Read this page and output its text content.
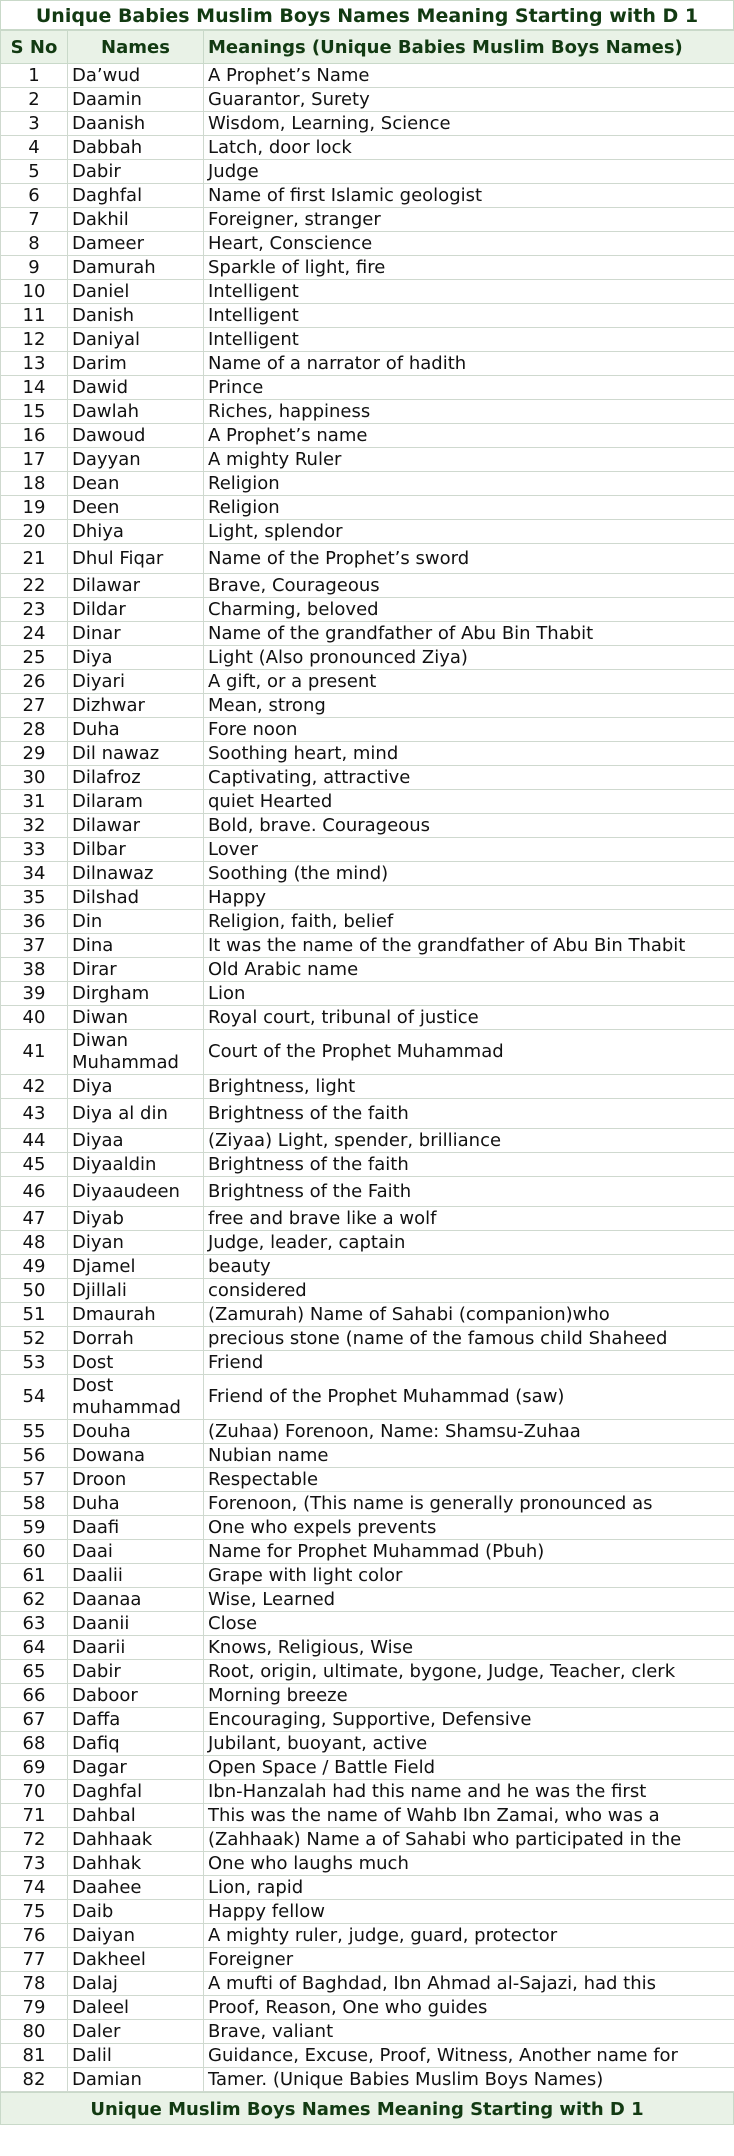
Unique Babies Muslim Boys Names Meaning Starting with D 1
S No	Names	Meanings (Unique Babies Muslim Boys Names)
1	Da’wud	A Prophet’s Name
2	Daamin	Guarantor, Surety
3	Daanish	Wisdom, Learning, Science
4	Dabbah	Latch, door lock
5	Dabir	Judge
6	Daghfal	Name of first Islamic geologist
7	Dakhil	Foreigner, stranger
8	Dameer	Heart, Conscience
9	Damurah	Sparkle of light, fire
10	Daniel	Intelligent
11	Danish	Intelligent
12	Daniyal	Intelligent
13	Darim	Name of a narrator of hadith
14	Dawid	Prince
15	Dawlah	Riches, happiness
16	Dawoud	A Prophet’s name
17	Dayyan	A mighty Ruler
18	Dean	Religion
19	Deen	Religion
20	Dhiya	Light, splendor
21	Dhul Fiqar	Name of the Prophet’s sword
22	Dilawar	Brave, Courageous
23	Dildar	Charming, beloved
24	Dinar	Name of the grandfather of Abu Bin Thabit
25	Diya	Light (Also pronounced Ziya)
26	Diyari	A gift, or a present
27	Dizhwar	Mean, strong
28	Duha	Fore noon
29	Dil nawaz	Soothing heart, mind
30	Dilafroz	Captivating, attractive
31	Dilaram	quiet Hearted
32	Dilawar	Bold, brave. Courageous
33	Dilbar	Lover
34	Dilnawaz	Soothing (the mind)
35	Dilshad	Happy
36	Din	Religion, faith, belief
37	Dina	It was the name of the grandfather of Abu Bin Thabit
38	Dirar	Old Arabic name
39	Dirgham	Lion
40	Diwan	Royal court, tribunal of justice
41	Diwan Muhammad	Court of the Prophet Muhammad
42	Diya	Brightness, light
43	Diya al din	Brightness of the faith
44	Diyaa	(Ziyaa) Light, spender, brilliance
45	Diyaaldin	Brightness of the faith
46	Diyaaudeen	Brightness of the Faith
47	Diyab	free and brave like a wolf
48	Diyan	Judge, leader, captain
49	Djamel	beauty
50	Djillali	considered
51	Dmaurah	(Zamurah) Name of Sahabi (companion)who
52	Dorrah	precious stone (name of the famous child Shaheed
53	Dost	Friend
54	Dost muhammad	Friend of the Prophet Muhammad (saw)
55	Douha	(Zuhaa) Forenoon, Name: Shamsu-Zuhaa
56	Dowana	Nubian name
57	Droon	Respectable
58	Duha	Forenoon, (This name is generally pronounced as
59	Daafi	One who expels prevents
60	Daai	Name for Prophet Muhammad (Pbuh)
61	Daalii	Grape with light color
62	Daanaa	Wise, Learned
63	Daanii	Close
64	Daarii	Knows, Religious, Wise
65	Dabir	Root, origin, ultimate, bygone, Judge, Teacher, clerk
66	Daboor	Morning breeze
67	Daffa	Encouraging, Supportive, Defensive
68	Dafiq	Jubilant, buoyant, active
69	Dagar	Open Space / Battle Field
70	Daghfal	Ibn-Hanzalah had this name and he was the first
71	Dahbal	This was the name of Wahb Ibn Zamai, who was a
72	Dahhaak	(Zahhaak) Name a of Sahabi who participated in the
73	Dahhak	One who laughs much
74	Daahee	Lion, rapid
75	Daib	Happy fellow
76	Daiyan	A mighty ruler, judge, guard, protector
77	Dakheel	Foreigner
78	Dalaj	A mufti of Baghdad, Ibn Ahmad al-Sajazi, had this
79	Daleel	Proof, Reason, One who guides
80	Daler	Brave, valiant
81	Dalil	Guidance, Excuse, Proof, Witness, Another name for
82	Damian	Tamer. (Unique Babies Muslim Boys Names)
Unique Muslim Boys Names Meaning Starting with D 1
